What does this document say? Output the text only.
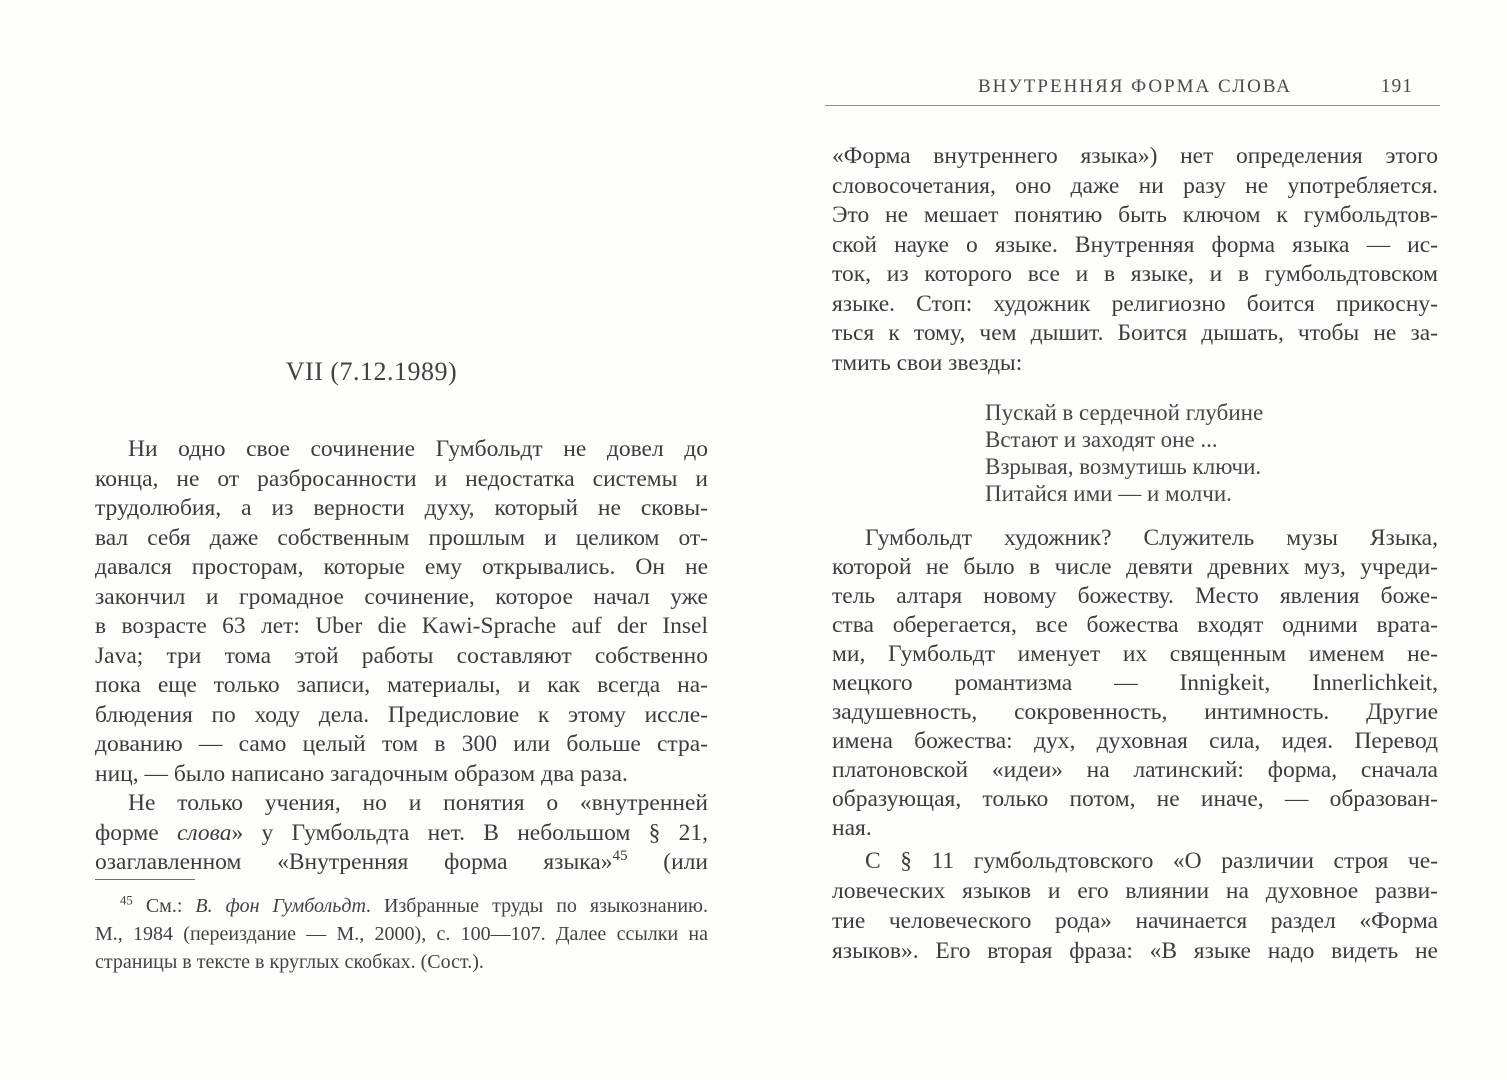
VII (7.12.1989)
Ни одно свое сочинение Гумбольдт не довел до
конца, не от разбросанности и недостатка системы и
трудолюбия, а из верности духу, который не сковы-
вал себя даже собственным прошлым и целиком от-
давался просторам, которые ему открывались. Он не
закончил и громадное сочинение, которое начал уже
в возрасте 63 лет: Uber die Kawi-Sprache auf der Insel
Java; три тома этой работы составляют собственно
пока еще только записи, материалы, и как всегда на-
блюдения по ходу дела. Предисловие к этому иссле-
дованию — само целый том в 300 или больше стра-
ниц, — было написано загадочным образом два раза.
Не только учения, но и понятия о «внутренней
форме слова» у Гумбольдта нет. В небольшом § 21,
озаглавленном «Внутренняя форма языка»$^{45}$ (или
$^{45}$ См.: В. фон Гумбольдт. Избранные труды по языкознанию.
М., 1984 (переиздание — М., 2000), с. 100—107. Далее ссылки на
страницы в тексте в круглых скобках. (Сост.).
ВНУТРЕННЯЯ ФОРМА СЛОВА	191
«Форма внутреннего языка») нет определения этого
словосочетания, оно даже ни разу не употребляется.
Это не мешает понятию быть ключом к гумбольдтов-
ской науке о языке. Внутренняя форма языка — ис-
ток, из которого все и в языке, и в гумбольдтовском
языке. Стоп: художник религиозно боится прикосну-
ться к тому, чем дышит. Боится дышать, чтобы не за-
тмить свои звезды:
Пускай в сердечной глубине
Встают и заходят оне ...
Взрывая, возмутишь ключи.
Питайся ими — и молчи.
Гумбольдт художник? Служитель музы Языка,
которой не было в числе девяти древних муз, учреди-
тель алтаря новому божеству. Место явления боже-
ства оберегается, все божества входят одними врата-
ми, Гумбольдт именует их священным именем не-
мецкого романтизма — Innigkeit, Innerlichkeit,
задушевность, сокровенность, интимность. Другие
имена божества: дух, духовная сила, идея. Перевод
платоновской «идеи» на латинский: форма, сначала
образующая, только потом, не иначе, — образован-
ная.
С § 11 гумбольдтовского «О различии строя че-
ловеческих языков и его влиянии на духовное разви-
тие человеческого рода» начинается раздел «Форма
языков». Его вторая фраза: «В языке надо видеть не
